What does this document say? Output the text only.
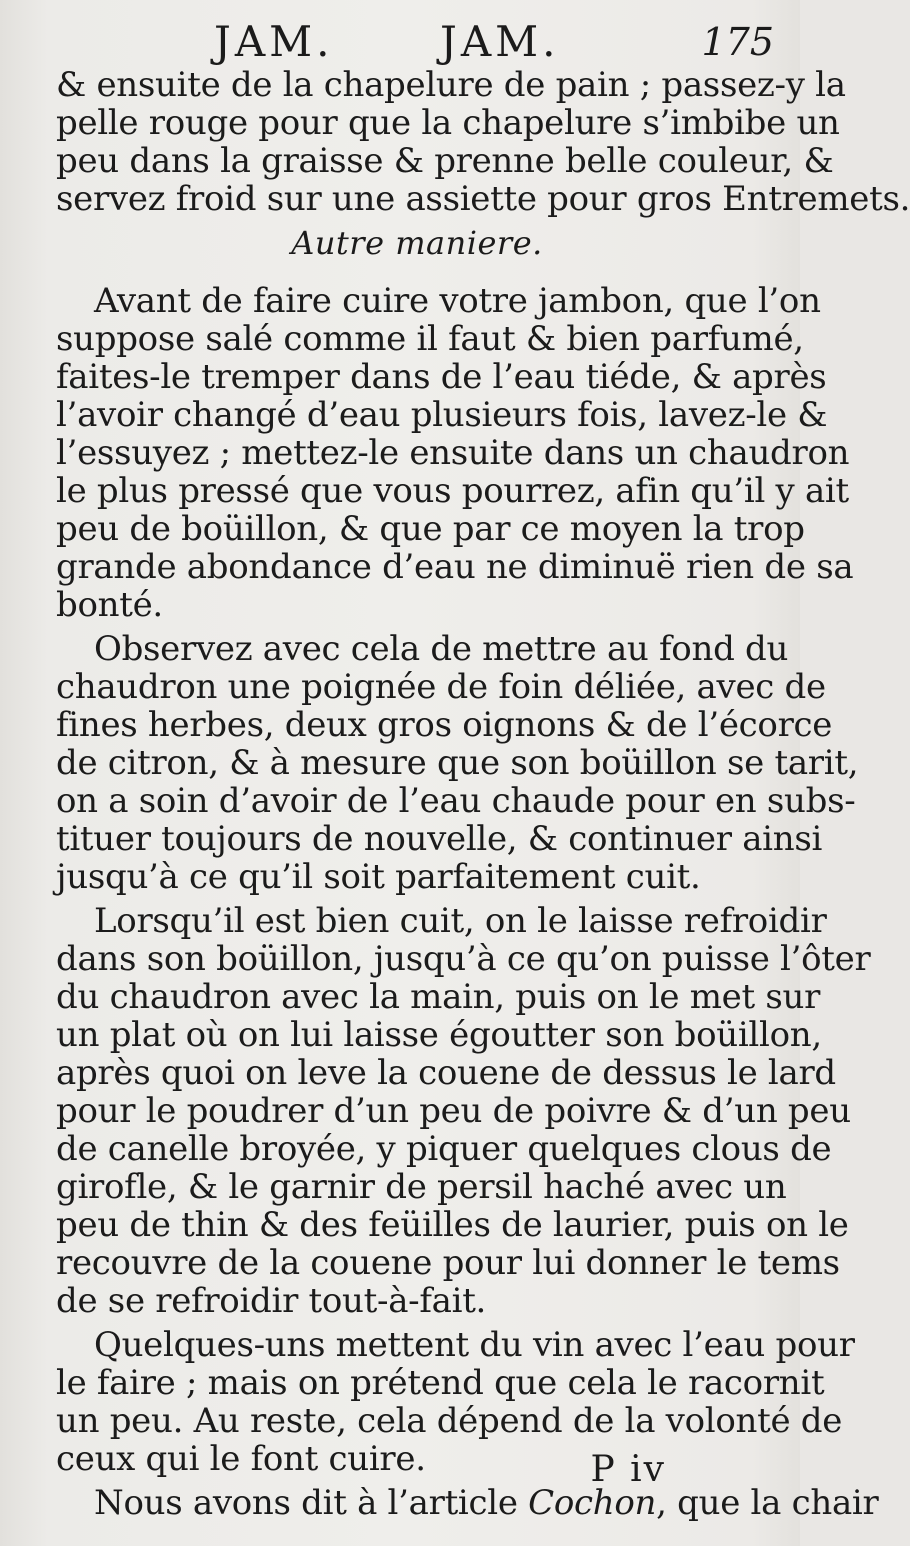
JAM.	JAM.	175
& ensuite de la chapelure de pain ; passez-y la
pelle rouge pour que la chapelure s’imbibe un
peu dans la graisse & prenne belle couleur, &
servez froid sur une assiette pour gros Entremets.
Autre maniere.
Avant de faire cuire votre jambon, que l’on
suppose salé comme il faut & bien parfumé,
faites-le tremper dans de l’eau tiéde, & après
l’avoir changé d’eau plusieurs fois, lavez-le &
l’essuyez ; mettez-le ensuite dans un chaudron
le plus pressé que vous pourrez, afin qu’il y ait
peu de boüillon, & que par ce moyen la trop
grande abondance d’eau ne diminuë rien de sa
bonté.
Observez avec cela de mettre au fond du
chaudron une poignée de foin déliée, avec de
fines herbes, deux gros oignons & de l’écorce
de citron, & à mesure que son boüillon se tarit,
on a soin d’avoir de l’eau chaude pour en subs-
tituer toujours de nouvelle, & continuer ainsi
jusqu’à ce qu’il soit parfaitement cuit.
Lorsqu’il est bien cuit, on le laisse refroidir
dans son boüillon, jusqu’à ce qu’on puisse l’ôter
du chaudron avec la main, puis on le met sur
un plat où on lui laisse égoutter son boüillon,
après quoi on leve la couene de dessus le lard
pour le poudrer d’un peu de poivre & d’un peu
de canelle broyée, y piquer quelques clous de
girofle, & le garnir de persil haché avec un
peu de thin & des feüilles de laurier, puis on le
recouvre de la couene pour lui donner le tems
de se refroidir tout-à-fait.
Quelques-uns mettent du vin avec l’eau pour
le faire ; mais on prétend que cela le racornit
un peu. Au reste, cela dépend de la volonté de
ceux qui le font cuire.
Nous avons dit à l’article Cochon, que la chair
P iv
